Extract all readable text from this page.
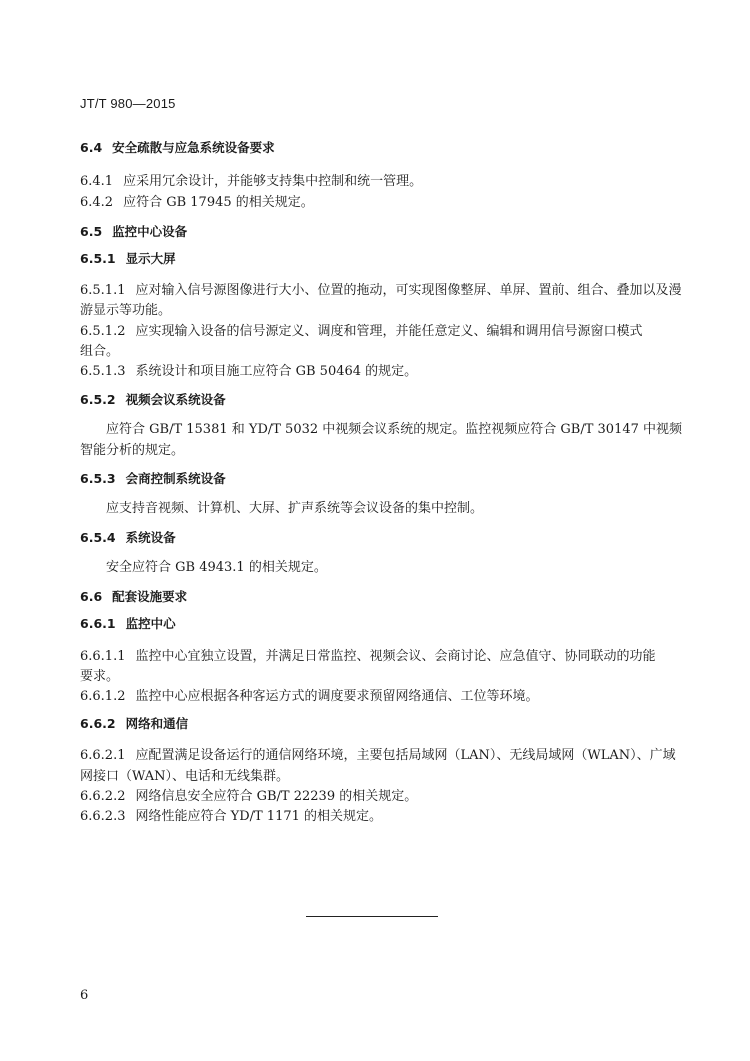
JT/T 980—2015
6.4 安全疏散与应急系统设备要求
6.4.1 应采用冗余设计，并能够支持集中控制和统一管理。
6.4.2 应符合 GB 17945 的相关规定。
6.5 监控中心设备
6.5.1 显示大屏
6.5.1.1 应对输入信号源图像进行大小、位置的拖动，可实现图像整屏、单屏、置前、组合、叠加以及漫
游显示等功能。
6.5.1.2 应实现输入设备的信号源定义、调度和管理，并能任意定义、编辑和调用信号源窗口模式
组合。
6.5.1.3 系统设计和项目施工应符合 GB 50464 的规定。
6.5.2 视频会议系统设备
应符合 GB/T 15381 和 YD/T 5032 中视频会议系统的规定。监控视频应符合 GB/T 30147 中视频
智能分析的规定。
6.5.3 会商控制系统设备
应支持音视频、计算机、大屏、扩声系统等会议设备的集中控制。
6.5.4 系统设备
安全应符合 GB 4943.1 的相关规定。
6.6 配套设施要求
6.6.1 监控中心
6.6.1.1 监控中心宜独立设置，并满足日常监控、视频会议、会商讨论、应急值守、协同联动的功能
要求。
6.6.1.2 监控中心应根据各种客运方式的调度要求预留网络通信、工位等环境。
6.6.2 网络和通信
6.6.2.1 应配置满足设备运行的通信网络环境，主要包括局域网（LAN）、无线局域网（WLAN）、广域
网接口（WAN）、电话和无线集群。
6.6.2.2 网络信息安全应符合 GB/T 22239 的相关规定。
6.6.2.3 网络性能应符合 YD/T 1171 的相关规定。
6
